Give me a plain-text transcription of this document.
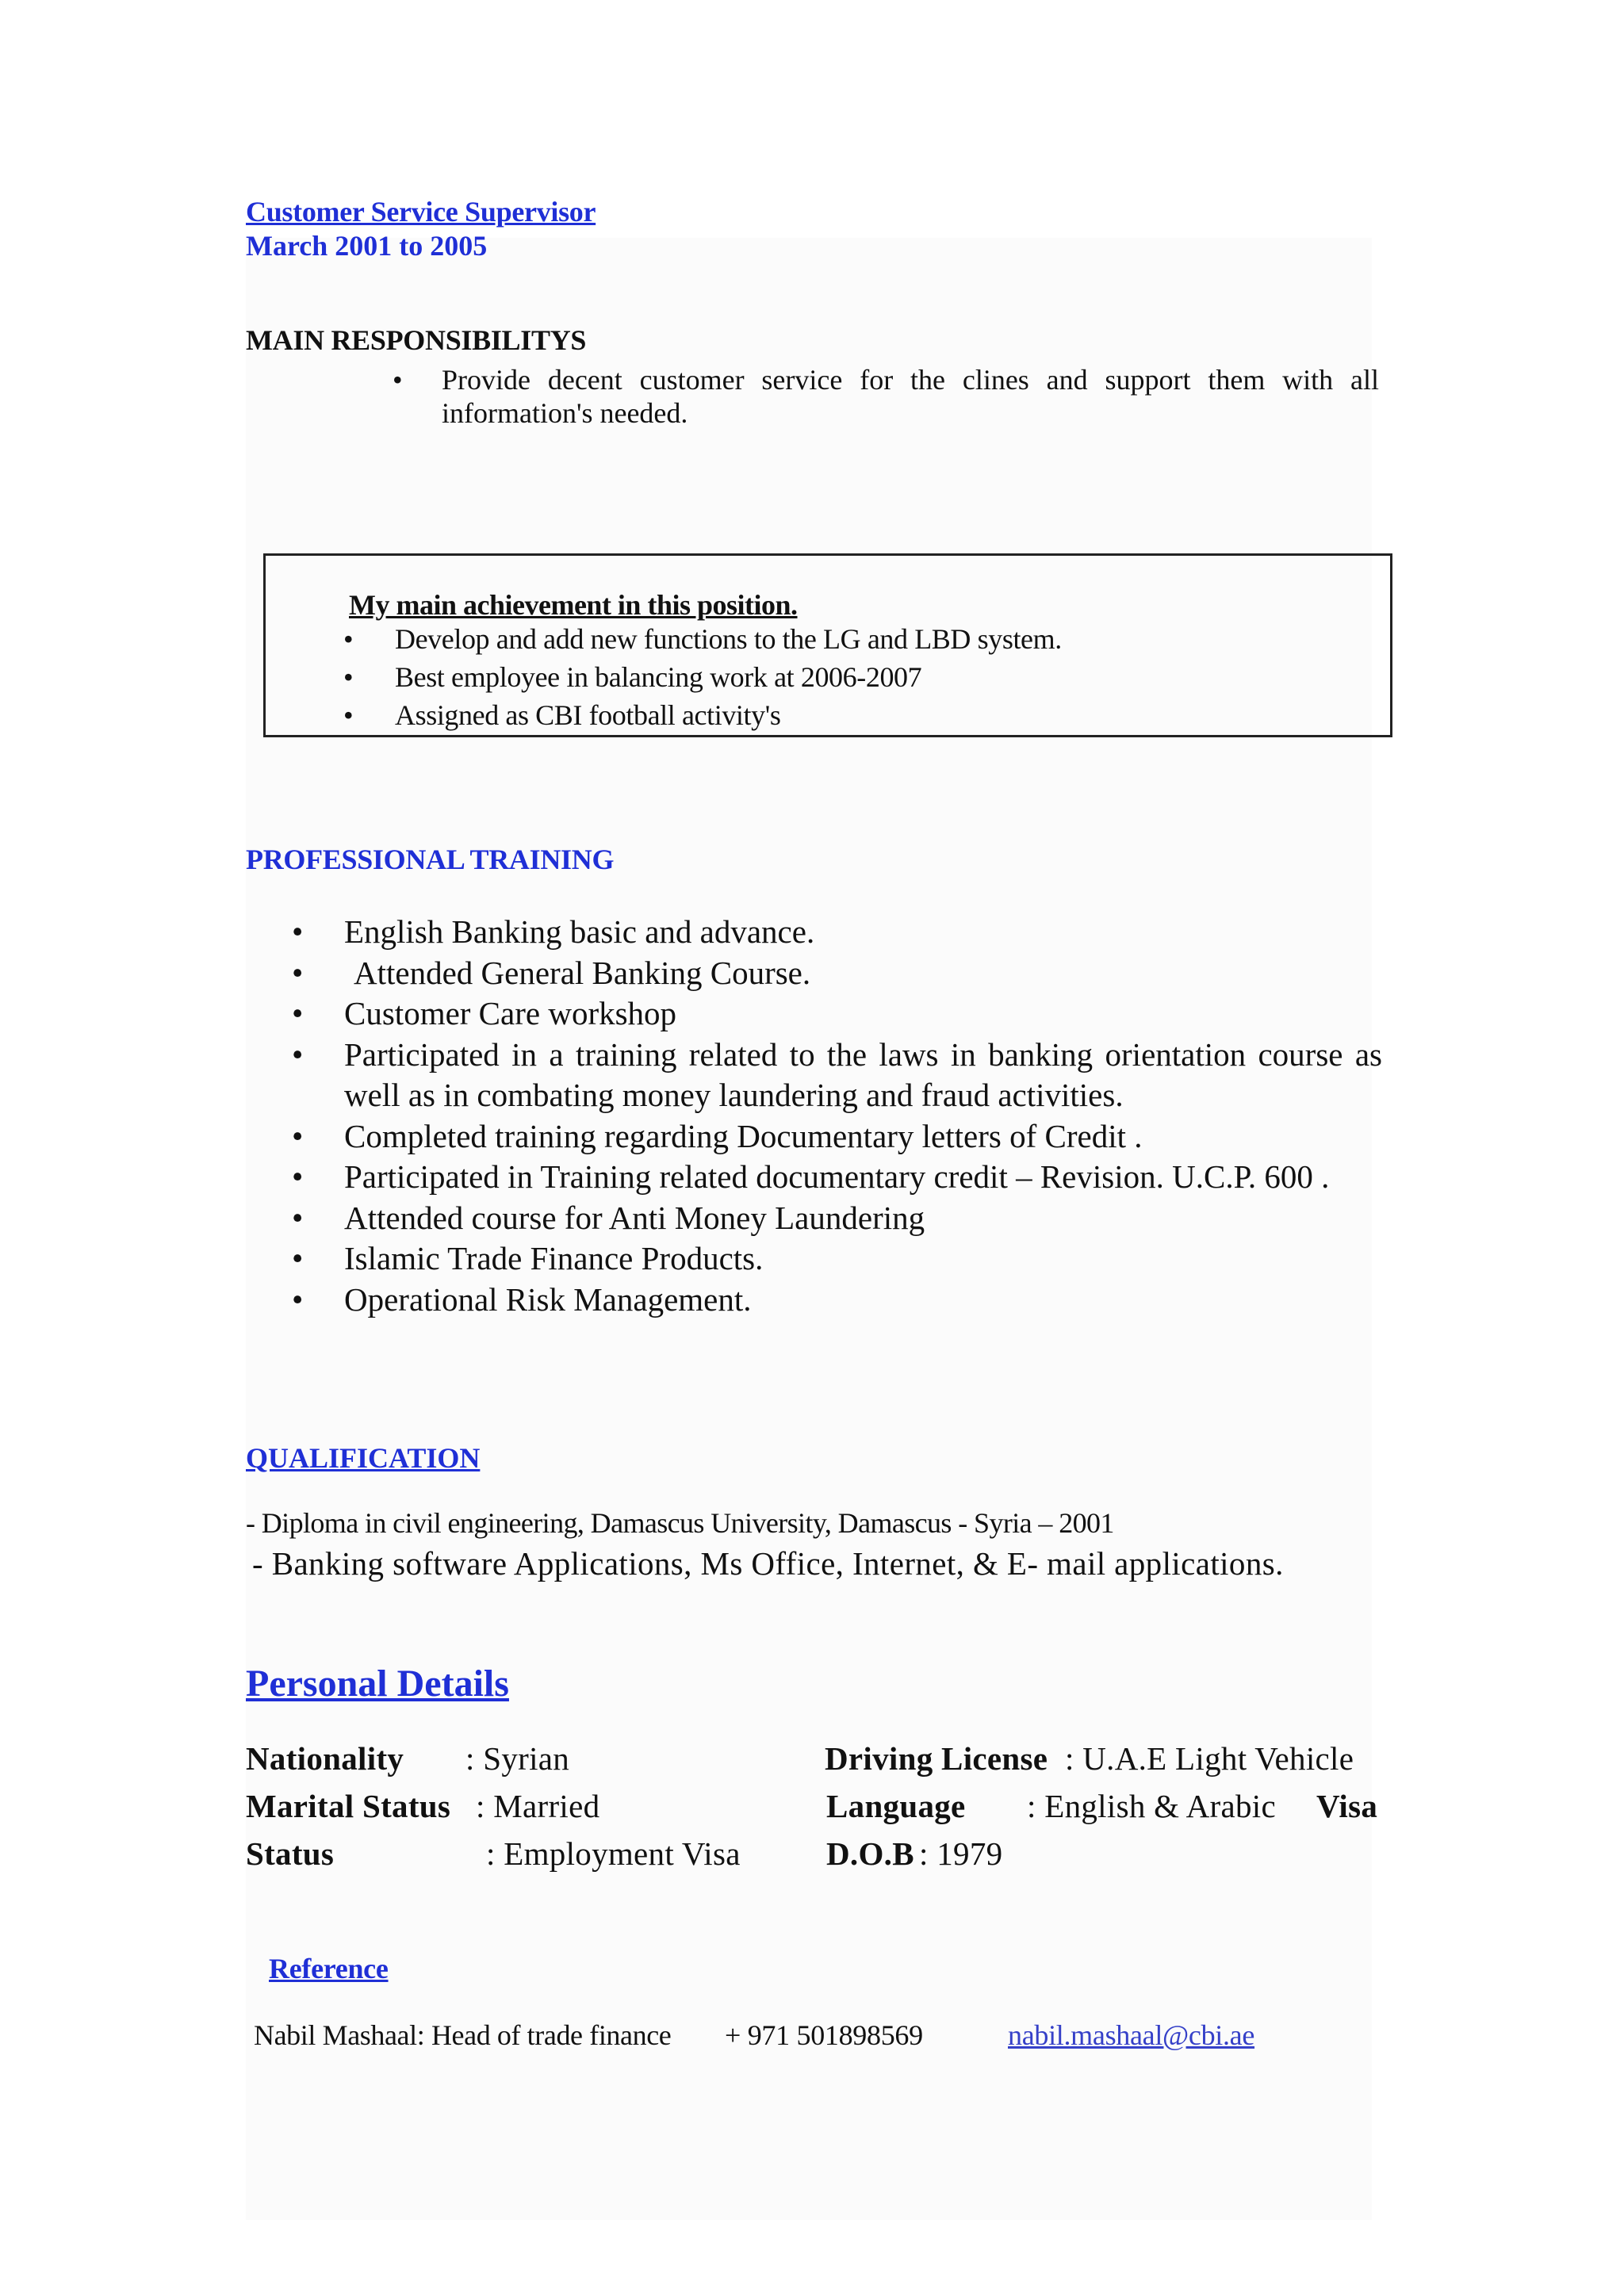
Customer Service Supervisor
March 2001 to 2005
MAIN RESPONSIBILITYS
• Provide decent customer service for the clines and support them with all information's needed.
My main achievement in this position.
• Develop and add new functions to the LG and LBD system.
• Best employee in balancing work at 2006-2007
• Assigned as CBI football activity's
PROFESSIONAL TRAINING
• English Banking basic and advance.
• Attended General Banking Course.
• Customer Care workshop
• Participated in a training related to the laws in banking orientation course as well as in combating money laundering and fraud activities.
• Completed training regarding Documentary letters of Credit .
• Participated in Training related documentary credit – Revision. U.C.P. 600 .
• Attended course for Anti Money Laundering
• Islamic Trade Finance Products.
• Operational Risk Management.
QUALIFICATION
- Diploma in civil engineering, Damascus University, Damascus - Syria – 2001
- Banking software Applications, Ms Office, Internet, & E- mail applications.
Personal Details
Nationality : Syrian
Marital Status : Married
Status	: Employment Visa
Driving License : U.A.E Light Vehicle
Language : English & Arabic Visa
D.O.B : 1979
Reference
Nabil Mashaal: Head of trade finance + 971 501898569	nabil.mashaal@cbi.ae
